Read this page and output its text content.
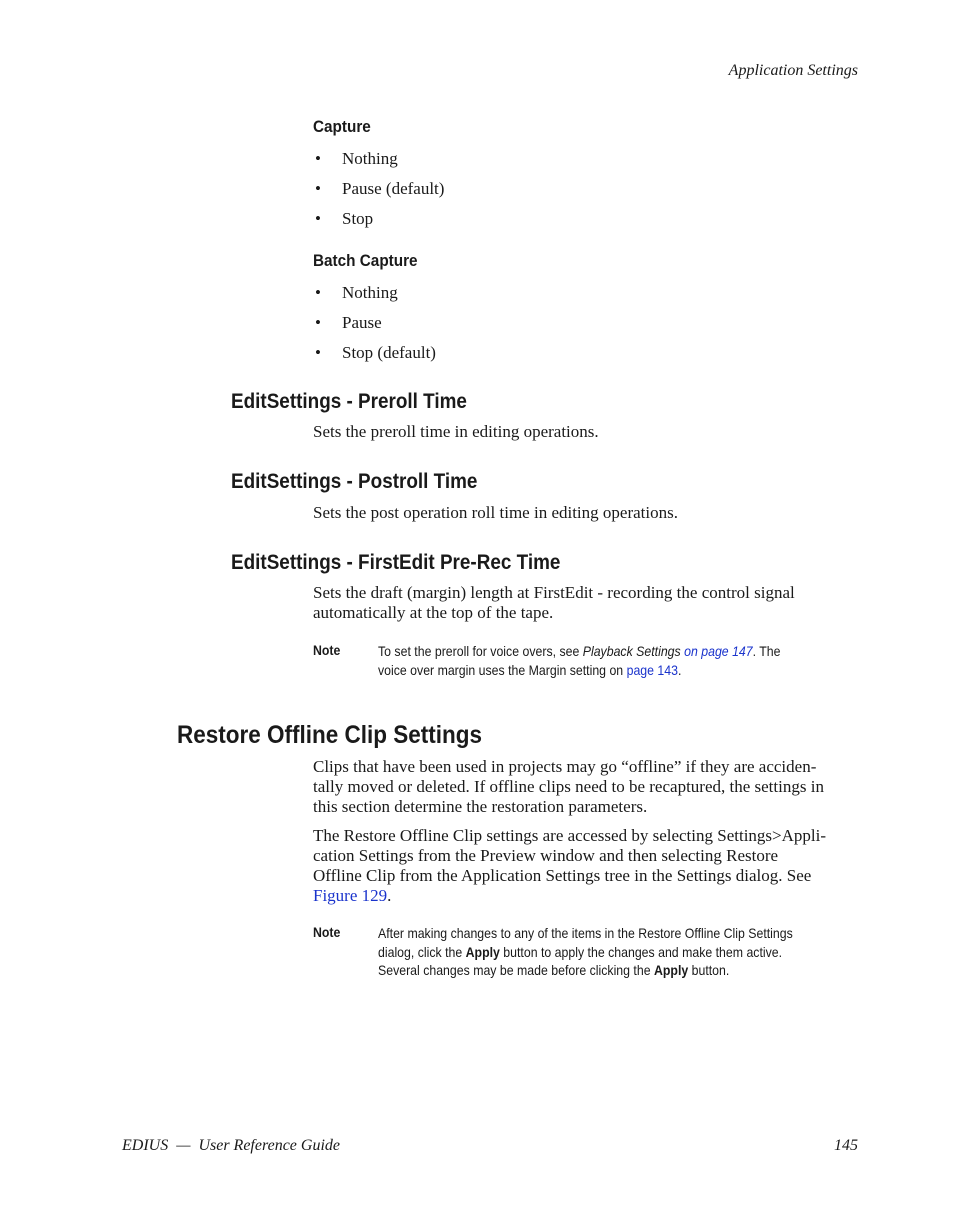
Application Settings
Capture
• Nothing
• Pause (default)
• Stop
Batch Capture
• Nothing
• Pause
• Stop (default)
EditSettings - Preroll Time
Sets the preroll time in editing operations.
EditSettings - Postroll Time
Sets the post operation roll time in editing operations.
EditSettings - FirstEdit Pre-Rec Time
Sets the draft (margin) length at FirstEdit - recording the control signal
automatically at the top of the tape.
Note	To set the preroll for voice overs, see Playback Settings on page 147. The
voice over margin uses the Margin setting on page 143.
Restore Offline Clip Settings
Clips that have been used in projects may go “offline” if they are acciden-
tally moved or deleted. If offline clips need to be recaptured, the settings in
this section determine the restoration parameters.
The Restore Offline Clip settings are accessed by selecting Settings>Appli-
cation Settings from the Preview window and then selecting Restore
Offline Clip from the Application Settings tree in the Settings dialog. See
Figure 129.
Note	After making changes to any of the items in the Restore Offline Clip Settings
dialog, click the Apply button to apply the changes and make them active.
Several changes may be made before clicking the Apply button.
EDIUS  —  User Reference Guide	145
